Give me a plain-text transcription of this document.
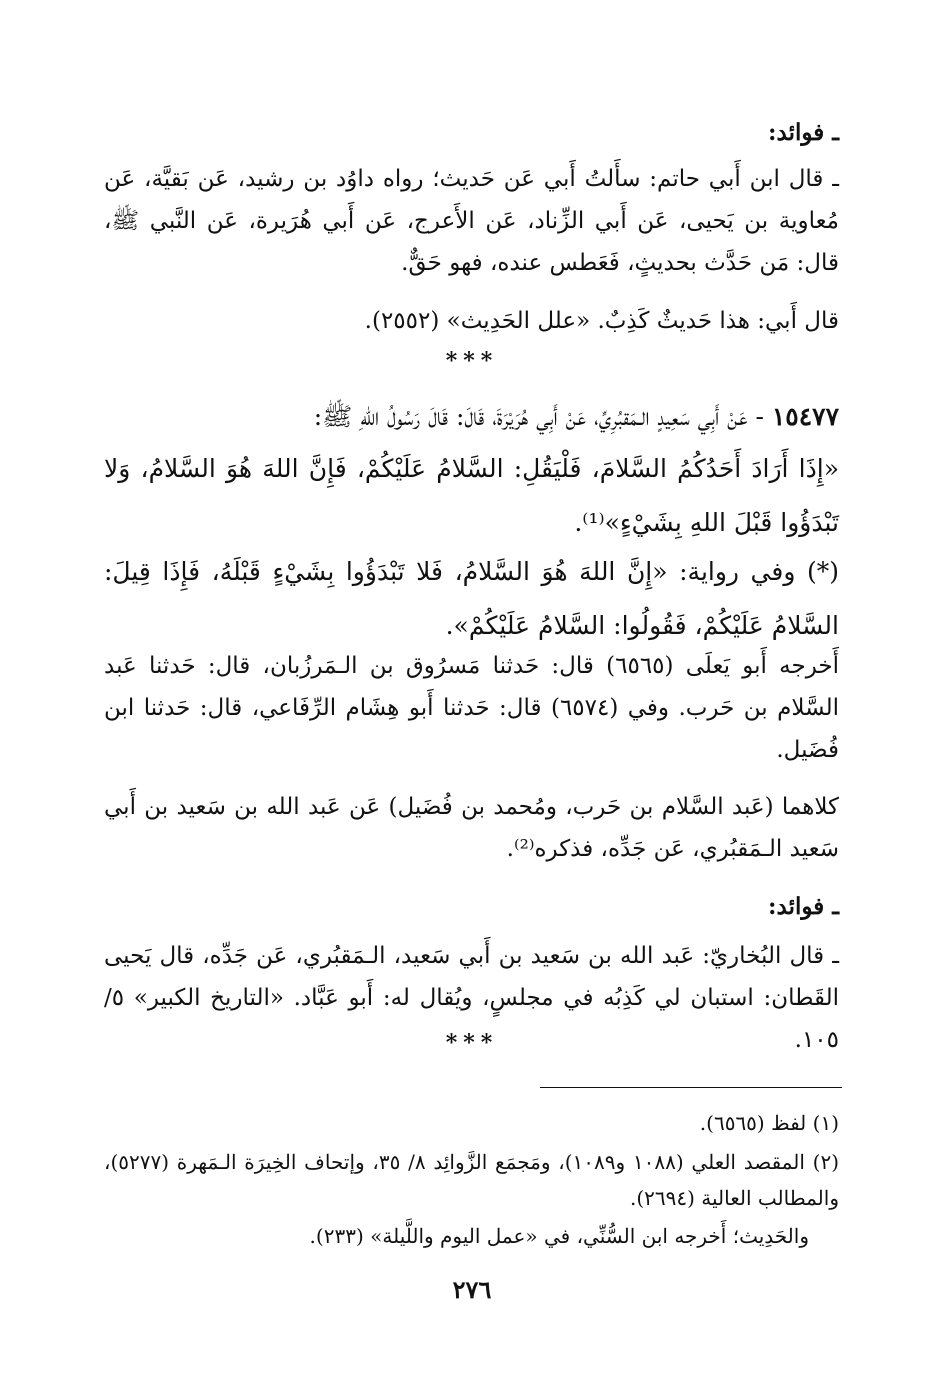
ـ فوائد:

ـ قال ابن أَبي حاتم: سأَلتُ أَبي عَن حَديث؛ رواه داوُد بن رشيد، عَن بَقيَّة، عَن مُعاوية بن يَحيى، عَن أَبي الزِّناد، عَن الأَعرج، عَن أَبي هُرَيرة، عَن النَّبي ﷺ، قال: مَن حَدَّث بحديثٍ، فَعَطس عنده، فهو حَقٌّ.

قال أَبي: هذا حَديثٌ كَذِبٌ. «علل الحَدِيث» (٢٥٥٢).

***

١٥٤٧٧ - عَنْ أَبِي سَعِيدٍ الـمَقبُرِيِّ، عَنْ أَبِي هُرَيْرَةَ، قَالَ: قَالَ رَسُولُ اللهِ ﷺ:

«إِذَا أَرَادَ أَحَدُكُمُ السَّلامَ، فَلْيَقُلِ: السَّلامُ عَلَيْكُمْ، فَإِنَّ اللهَ هُوَ السَّلامُ، وَلا تَبْدَؤُوا قَبْلَ اللهِ بِشَيْءٍ»⁽¹⁾.

(*) وفي رواية: «إِنَّ اللهَ هُوَ السَّلامُ، فَلا تَبْدَؤُوا بِشَيْءٍ قَبْلَهُ، فَإِذَا قِيلَ: السَّلامُ عَلَيْكُمْ، فَقُولُوا: السَّلامُ عَلَيْكُمْ».

أَخرجه أَبو يَعلَى (٦٥٦٥) قال: حَدثنا مَسرُوق بن الـمَرزُبان، قال: حَدثنا عَبد السَّلام بن حَرب. وفي (٦٥٧٤) قال: حَدثنا أَبو هِشَام الرِّفَاعي، قال: حَدثنا ابن فُضَيل.

كلاهما (عَبد السَّلام بن حَرب، ومُحمد بن فُضَيل) عَن عَبد الله بن سَعيد بن أَبي سَعيد الـمَقبُري، عَن جَدِّه، فذكره⁽²⁾.

ـ فوائد:

ـ قال البُخاريّ: عَبد الله بن سَعيد بن أَبي سَعيد، الـمَقبُري، عَن جَدِّه، قال يَحيى القَطان: استبان لي كَذِبُه في مجلسٍ، ويُقال له: أَبو عَبَّاد. «التاريخ الكبير» ٥/ ١٠٥.

***

(١) لفظ (٦٥٦٥).

(٢) المقصد العلي (١٠٨٨ و١٠٨٩)، ومَجمَع الزَّوائِد ٨/ ٣٥، وإتحاف الخِيرَة الـمَهرة (٥٢٧٧)، والمطالب العالية (٢٦٩٤).

والحَدِيث؛ أَخرجه ابن السُّنِّي، في «عمل اليوم واللَّيلة» (٢٣٣).

٢٧٦
